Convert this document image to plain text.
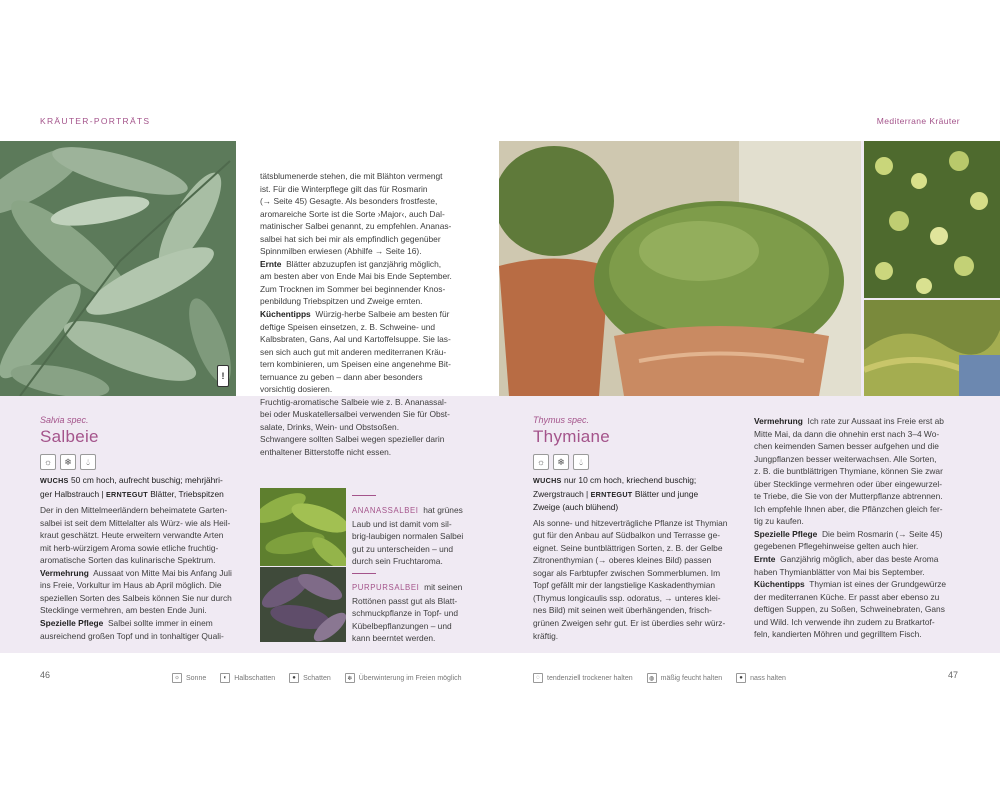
KRÄUTER-PORTRÄTS	Mediterrane Kräuter
!

tätsblumenerde stehen, die mit Blähton vermengt

ist. Für die Winterpflege gilt das für Rosmarin

(→ Seite 45) Gesagte. Als besonders frostfeste,

aromareiche Sorte ist die Sorte ›Major‹, auch Dal-

matinischer Salbei genannt, zu empfehlen. Ananas-

salbei hat sich bei mir als empfindlich gegenüber

Spinnmilben erwiesen (Abhilfe → Seite 16).

Ernte Blätter abzuzupfen ist ganzjährig möglich,

am besten aber von Ende Mai bis Ende September.

Zum Trocknen im Sommer bei beginnender Knos-

penbildung Triebspitzen und Zweige ernten.

Küchentipps Würzig-herbe Salbeie am besten für

deftige Speisen einsetzen, z. B. Schweine- und

Kalbsbraten, Gans, Aal und Kartoffelsuppe. Sie las-

sen sich auch gut mit anderen mediterranen Kräu-

tern kombinieren, um Speisen eine angenehme Bit-

ternuance zu geben – dann aber besonders

vorsichtig dosieren.

Fruchtig-aromatische Salbeie wie z. B. Ananassal-

bei oder Muskatellersalbei verwenden Sie für Obst-

salate, Drinks, Wein- und Obstsoßen.

Schwangere sollten Salbei wegen spezieller darin

enthaltener Bitterstoffe nicht essen.

Salvia spec.
Salbeie
☼	❄	💧︎

WUCHS 50 cm hoch, aufrecht buschig; mehrjähri-

ger Halbstrauch | ERNTEGUT Blätter, Triebspitzen

Der in den Mittelmeerländern beheimatete Garten-

salbei ist seit dem Mittelalter als Würz- wie als Heil-

kraut geschätzt. Heute erweitern verwandte Arten

mit herb-würzigem Aroma sowie etliche fruchtig-

aromatische Sorten das kulinarische Spektrum.

Vermehrung Aussaat von Mitte Mai bis Anfang Juli

ins Freie, Vorkultur im Haus ab April möglich. Die

speziellen Sorten des Salbeis können Sie nur durch

Stecklinge vermehren, am besten Ende Juni.

Spezielle Pflege Salbei sollte immer in einem

ausreichend großen Topf und in tonhaltiger Quali-

ANANASSALBEI hat grünes

Laub und ist damit vom sil-

brig-laubigen normalen Salbei

gut zu unterscheiden – und

durch sein Fruchtaroma.

PURPURSALBEI mit seinen

Rottönen passt gut als Blatt-

schmuckpflanze in Topf- und

Kübelbepflanzungen – und

kann beerntet werden.

Thymus spec.
Thymiane
☼	❄	💧︎

WUCHS nur 10 cm hoch, kriechend buschig;

Zwergstrauch | ERNTEGUT Blätter und junge

Zweige (auch blühend)

Als sonne- und hitzeverträgliche Pflanze ist Thymian

gut für den Anbau auf Südbalkon und Terrasse ge-

eignet. Seine buntblättrigen Sorten, z. B. der Gelbe

Zitronenthymian (→ oberes kleines Bild) passen

sogar als Farbtupfer zwischen Sommerblumen. Im

Topf gefällt mir der langstielige Kaskadenthymian

(Thymus longicaulis ssp. odoratus, → unteres klei-

nes Bild) mit seinen weit überhängenden, frisch-

grünen Zweigen sehr gut. Er ist überdies sehr würz-

kräftig.

Vermehrung Ich rate zur Aussaat ins Freie erst ab

Mitte Mai, da dann die ohnehin erst nach 3–4 Wo-

chen keimenden Samen besser aufgehen und die

Jungpflanzen besser weiterwachsen. Alle Sorten,

z. B. die buntblättrigen Thymiane, können Sie zwar

über Stecklinge vermehren oder über eingewurzel-

te Triebe, die Sie von der Mutterpflanze abtrennen.

Ich empfehle Ihnen aber, die Pflänzchen gleich fer-

tig zu kaufen.

Spezielle Pflege Die beim Rosmarin (→ Seite 45)

gegebenen Pflegehinweise gelten auch hier.

Ernte Ganzjährig möglich, aber das beste Aroma

haben Thymianblätter von Mai bis September.

Küchentipps Thymian ist eines der Grundgewürze

der mediterranen Küche. Er passt aber ebenso zu

deftigen Suppen, zu Soßen, Schweinebraten, Gans

und Wild. Ich verwende ihn zudem zu Bratkartof-

feln, kandierten Möhren und gegrilltem Fisch.

46	47
☼ Sonne	◐	Halbschatten	●	Schatten	❄ Überwinterung im Freien möglich	◌	tendenziell trockener halten	◍ mäßig feucht halten	●	nass halten
